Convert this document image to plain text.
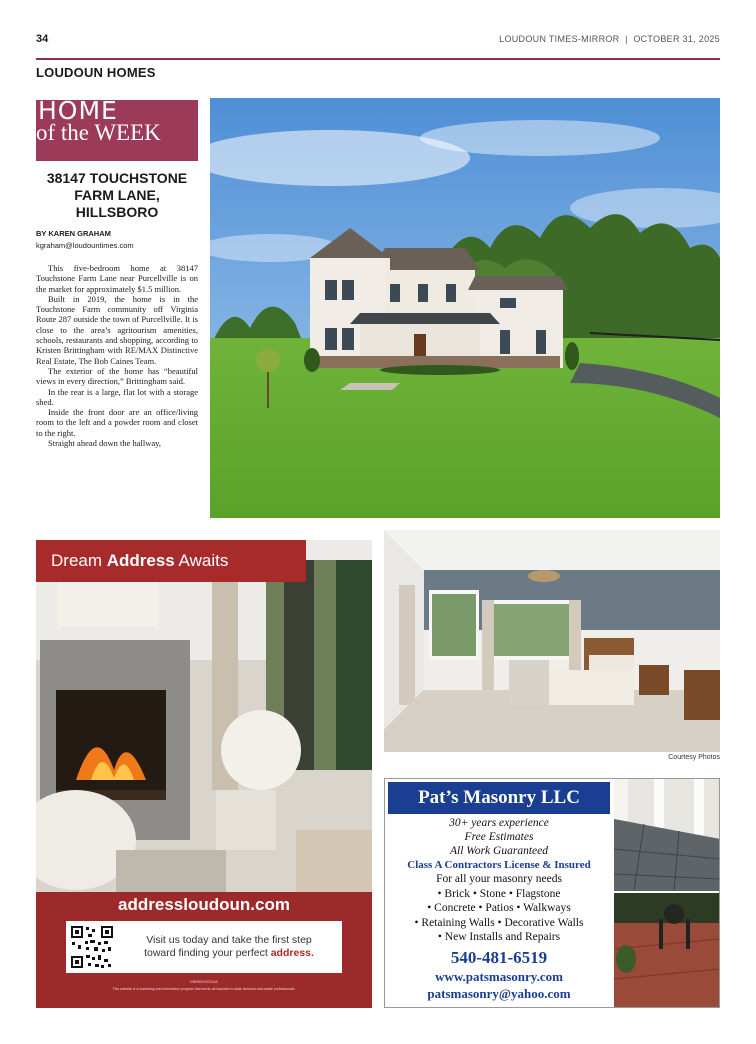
34	LOUDOUN TIMES-MIRROR  |  OCTOBER 31, 2025
LOUDOUN HOMES
HOME
of the WEEK
38147 TOUCHSTONE FARM LANE, HILLSBORO
BY KAREN GRAHAM
kgraham@loudountimes.com

This five-bedroom home at 38147 Touchstone Farm Lane near Purcellville is on the market for approximately $1.5 million.

Built in 2019, the home is in the Touchstone Farm community off Virginia Route 287 outside the town of Purcellville. It is close to the area’s agritourism amenities, schools, restaurants and shopping, according to Kristen Brittingham with RE/MAX Distinctive Real Estate, The Bob Caines Team.

The exterior of the home has “beautiful views in every direction,” Brittingham said.

In the rear is a large, flat lot with a storage shed.

Inside the front door are an office/living room to the left and a powder room and closet to the right.

Straight ahead down the hallway,

Dream Address Awaits
addressloudoun.com
Visit us today and take the first step
toward finding your perfect address.
DREB01937013A
This website is a marketing and information program that sends all inquiries to state licensed real estate professionals.
Courtesy Photos
Pat’s Masonry LLC
30+ years experience
Free Estimates
All Work Guaranteed
Class A Contractors License & Insured
For all your masonry needs
• Brick • Stone • Flagstone
• Concrete • Patios • Walkways
• Retaining Walls • Decorative Walls
• New Installs and Repairs
540-481-6519
www.patsmasonry.com
patsmasonry@yahoo.com
